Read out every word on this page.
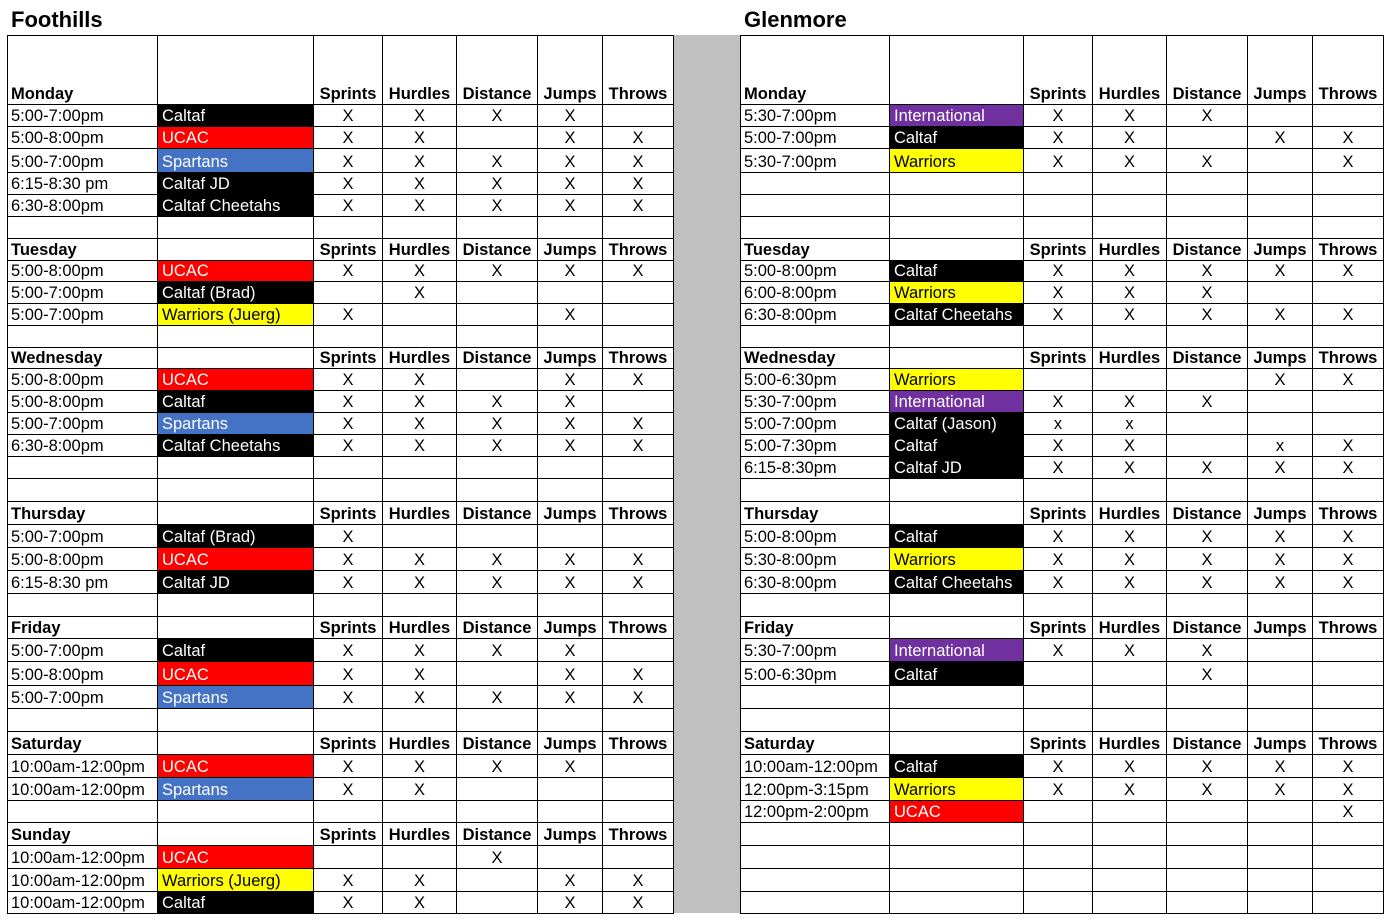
Foothills	Glenmore
Monday		Sprints	Hurdles	Distance	Jumps	Throws
5:00-7:00pm	Caltaf	X	X	X	X	
5:00-8:00pm	UCAC	X	X		X	X
5:00-7:00pm	Spartans	X	X	X	X	X
6:15-8:30 pm	Caltaf JD	X	X	X	X	X
6:30-8:00pm	Caltaf Cheetahs	X	X	X	X	X

Tuesday		Sprints	Hurdles	Distance	Jumps	Throws
5:00-8:00pm	UCAC	X	X	X	X	X
5:00-7:00pm	Caltaf (Brad)		X			
5:00-7:00pm	Warriors (Juerg)	X			X	

Wednesday		Sprints	Hurdles	Distance	Jumps	Throws
5:00-8:00pm	UCAC	X	X		X	X
5:00-8:00pm	Caltaf	X	X	X	X	
5:00-7:00pm	Spartans	X	X	X	X	X
6:30-8:00pm	Caltaf Cheetahs	X	X	X	X	X

Thursday		Sprints	Hurdles	Distance	Jumps	Throws
5:00-7:00pm	Caltaf (Brad)	X				
5:00-8:00pm	UCAC	X	X	X	X	X
6:15-8:30 pm	Caltaf JD	X	X	X	X	X

Friday		Sprints	Hurdles	Distance	Jumps	Throws
5:00-7:00pm	Caltaf	X	X	X	X	
5:00-8:00pm	UCAC	X	X		X	X
5:00-7:00pm	Spartans	X	X	X	X	X

Saturday		Sprints	Hurdles	Distance	Jumps	Throws
10:00am-12:00pm	UCAC	X	X	X	X	
10:00am-12:00pm	Spartans	X	X			

Sunday		Sprints	Hurdles	Distance	Jumps	Throws
10:00am-12:00pm	UCAC			X		
10:00am-12:00pm	Warriors (Juerg)	X	X		X	X
10:00am-12:00pm	Caltaf	X	X		X	X
Monday		Sprints	Hurdles	Distance	Jumps	Throws
5:30-7:00pm	International	X	X	X		
5:00-7:00pm	Caltaf	X	X		X	X
5:30-7:00pm	Warriors	X	X	X		X

Tuesday		Sprints	Hurdles	Distance	Jumps	Throws
5:00-8:00pm	Caltaf	X	X	X	X	X
6:00-8:00pm	Warriors	X	X	X		
6:30-8:00pm	Caltaf Cheetahs	X	X	X	X	X

Wednesday		Sprints	Hurdles	Distance	Jumps	Throws
5:00-6:30pm	Warriors				X	X
5:30-7:00pm	International	X	X	X		
5:00-7:00pm	Caltaf (Jason)	x	x			
5:00-7:30pm	Caltaf	X	X		x	X
6:15-8:30pm	Caltaf JD	X	X	X	X	X

Thursday		Sprints	Hurdles	Distance	Jumps	Throws
5:00-8:00pm	Caltaf	X	X	X	X	X
5:30-8:00pm	Warriors	X	X	X	X	X
6:30-8:00pm	Caltaf Cheetahs	X	X	X	X	X

Friday		Sprints	Hurdles	Distance	Jumps	Throws
5:30-7:00pm	International	X	X	X		
5:00-6:30pm	Caltaf			X		

Saturday		Sprints	Hurdles	Distance	Jumps	Throws
10:00am-12:00pm	Caltaf	X	X	X	X	X
12:00pm-3:15pm	Warriors	X	X	X	X	X
12:00pm-2:00pm	UCAC					X
